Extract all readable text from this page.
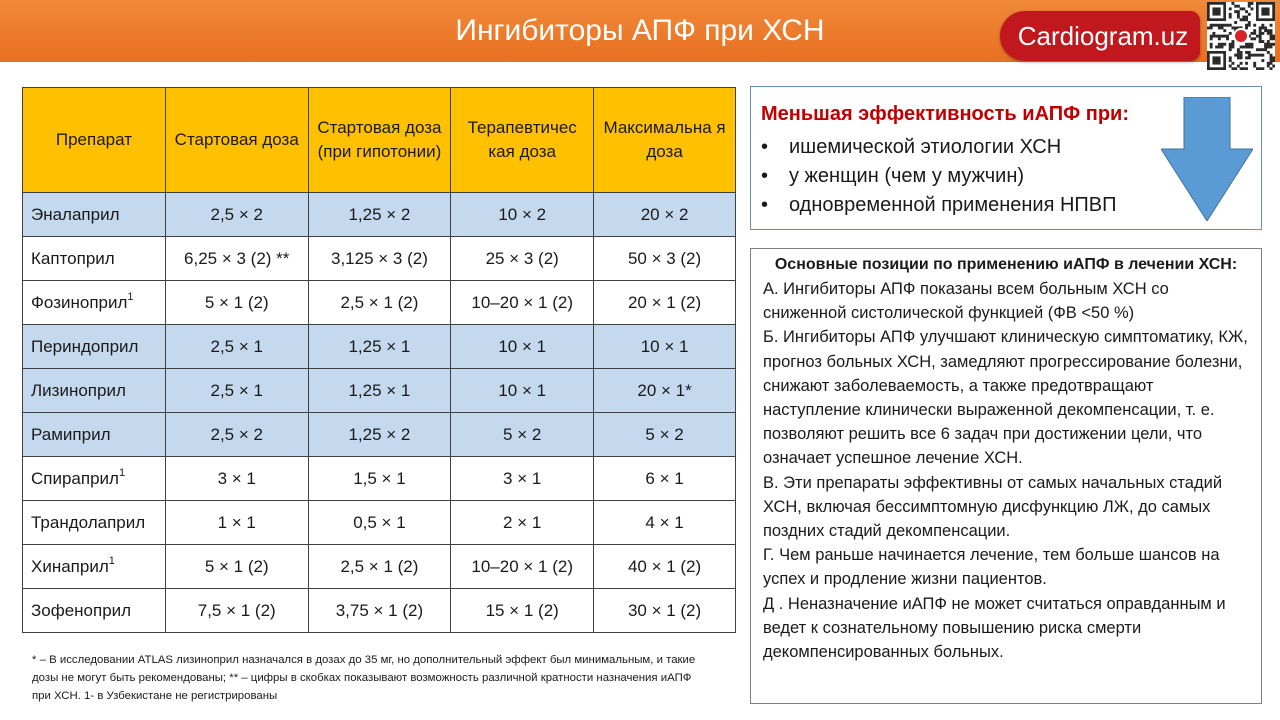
Ингибиторы АПФ при ХСН	Cardiogram.uz
Препарат	Стартовая доза	Стартовая доза (при гипотонии)	Терапевтичес кая доза	Максимальна я доза
Эналаприл	2,5 × 2	1,25 × 2	10 × 2	20 × 2
Каптоприл	6,25 × 3 (2) **	3,125 × 3 (2)	25 × 3 (2)	50 × 3 (2)
Фозиноприл$^1$	5 × 1 (2)	2,5 × 1 (2)	10–20 × 1 (2)	20 × 1 (2)
Периндоприл	2,5 × 1	1,25 × 1	10 × 1	10 × 1
Лизиноприл	2,5 × 1	1,25 × 1	10 × 1	20 × 1*
Рамиприл	2,5 × 2	1,25 × 2	5 × 2	5 × 2
Спираприл$^1$	3 × 1	1,5 × 1	3 × 1	6 × 1
Трандолаприл	1 × 1	0,5 × 1	2 × 1	4 × 1
Хинаприл$^1$	5 × 1 (2)	2,5 × 1 (2)	10–20 × 1 (2)	40 × 1 (2)
Зофеноприл	7,5 × 1 (2)	3,75 × 1 (2)	15 × 1 (2)	30 × 1 (2)
* – В исследовании ATLAS лизиноприл назначался в дозах до 35 мг, но дополнительный эффект был минимальным, и такие дозы не могут быть рекомендованы; ** – цифры в скобках показывают возможность различной кратности назначения иАПФ при ХСН. 1- в Узбекистане не регистрированы
Меньшая эффективность иАПФ при:
• ишемической этиологии ХСН
• у женщин (чем у мужчин)
• одновременной применения НПВП
Основные позиции по применению иАПФ в лечении ХСН:

А. Ингибиторы АПФ показаны всем больным ХСН со сниженной систолической функцией (ФВ <50 %)

Б. Ингибиторы АПФ улучшают клиническую симптоматику, КЖ, прогноз больных ХСН, замедляют прогрессирование болезни, снижают заболеваемость, а также предотвращают наступление клинически выраженной декомпенсации, т. е. позволяют решить все 6 задач при достижении цели, что означает успешное лечение ХСН.

В. Эти препараты эффективны от самых начальных стадий ХСН, включая бессимптомную дисфункцию ЛЖ, до самых поздних стадий декомпенсации.

Г. Чем раньше начинается лечение, тем больше шансов на успех и продление жизни пациентов.

Д . Неназначение иАПФ не может считаться оправданным и ведет к сознательному повышению риска смерти декомпенсированных больных.
